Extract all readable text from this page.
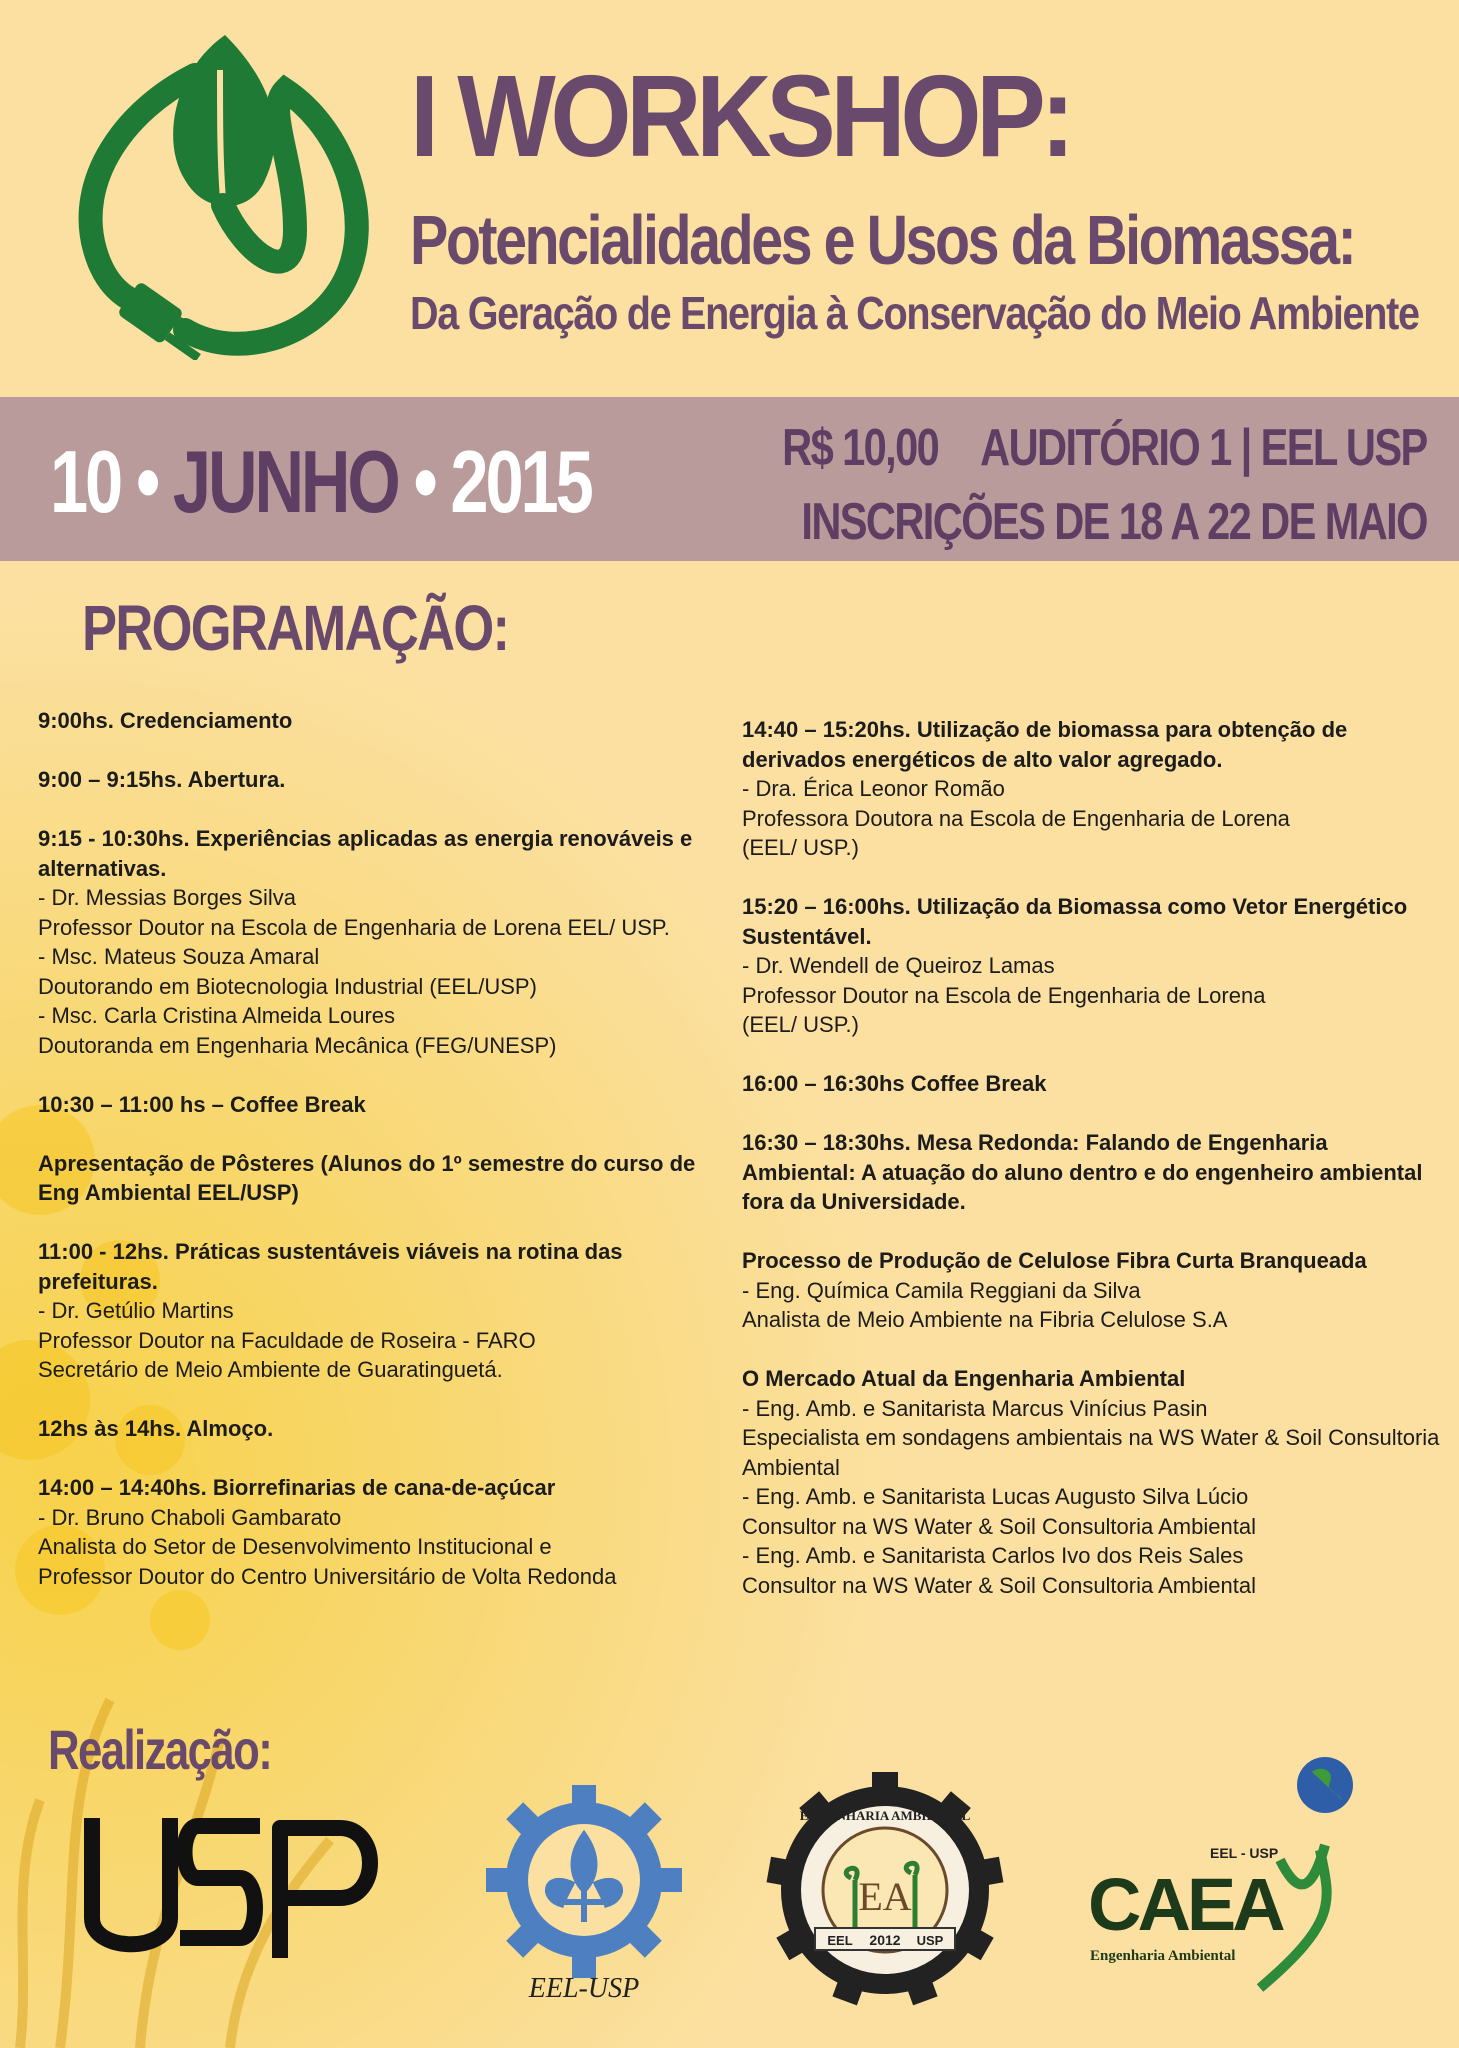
I WORKSHOP:
Potencialidades e Usos da Biomassa:
Da Geração de Energia à Conservação do Meio Ambiente
10 • JUNHO • 2015	R$ 10,00 AUDITÓRIO 1 | EEL USP
INSCRIÇÕES DE 18 A 22 DE MAIO
PROGRAMAÇÃO:
9:00hs. Credenciamento
9:00 – 9:15hs. Abertura.
9:15 - 10:30hs. Experiências aplicadas as energia renováveis e alternativas.
- Dr. Messias Borges Silva
Professor Doutor na Escola de Engenharia de Lorena EEL/ USP.
- Msc. Mateus Souza Amaral
Doutorando em Biotecnologia Industrial (EEL/USP)
- Msc. Carla Cristina Almeida Loures
Doutoranda em Engenharia Mecânica (FEG/UNESP)
10:30 – 11:00 hs – Coffee Break
Apresentação de Pôsteres (Alunos do 1º semestre do curso de Eng Ambiental EEL/USP)
11:00 - 12hs. Práticas sustentáveis viáveis na rotina das prefeituras.
- Dr. Getúlio Martins
Professor Doutor na Faculdade de Roseira - FARO
Secretário de Meio Ambiente de Guaratinguetá.
12hs às 14hs. Almoço.
14:00 – 14:40hs. Biorrefinarias de cana-de-açúcar
- Dr. Bruno Chaboli Gambarato
Analista do Setor de Desenvolvimento Institucional e
Professor Doutor do Centro Universitário de Volta Redonda
14:40 – 15:20hs. Utilização de biomassa para obtenção de derivados energéticos de alto valor agregado.
- Dra. Érica Leonor Romão
Professora Doutora na Escola de Engenharia de Lorena
(EEL/ USP.)
15:20 – 16:00hs. Utilização da Biomassa como Vetor Energético Sustentável.
- Dr. Wendell de Queiroz Lamas
Professor Doutor na Escola de Engenharia de Lorena
(EEL/ USP.)
16:00 – 16:30hs Coffee Break
16:30 – 18:30hs. Mesa Redonda: Falando de Engenharia Ambiental: A atuação do aluno dentro e do engenheiro ambiental fora da Universidade.
Processo de Produção de Celulose Fibra Curta Branqueada
- Eng. Química Camila Reggiani da Silva
Analista de Meio Ambiente na Fibria Celulose S.A
O Mercado Atual da Engenharia Ambiental
- Eng. Amb. e Sanitarista Marcus Vinícius Pasin
Especialista em sondagens ambientais na WS Water & Soil Consultoria Ambiental
- Eng. Amb. e Sanitarista Lucas Augusto Silva Lúcio
Consultor na WS Water & Soil Consultoria Ambiental
- Eng. Amb. e Sanitarista Carlos Ivo dos Reis Sales
Consultor na WS Water & Soil Consultoria Ambiental
Realização:
USP
EEL-USP
EA
2012
EEL	USP
ENGENHARIA AMBIENTAL
EEL - USP
CAEA
Engenharia Ambiental
